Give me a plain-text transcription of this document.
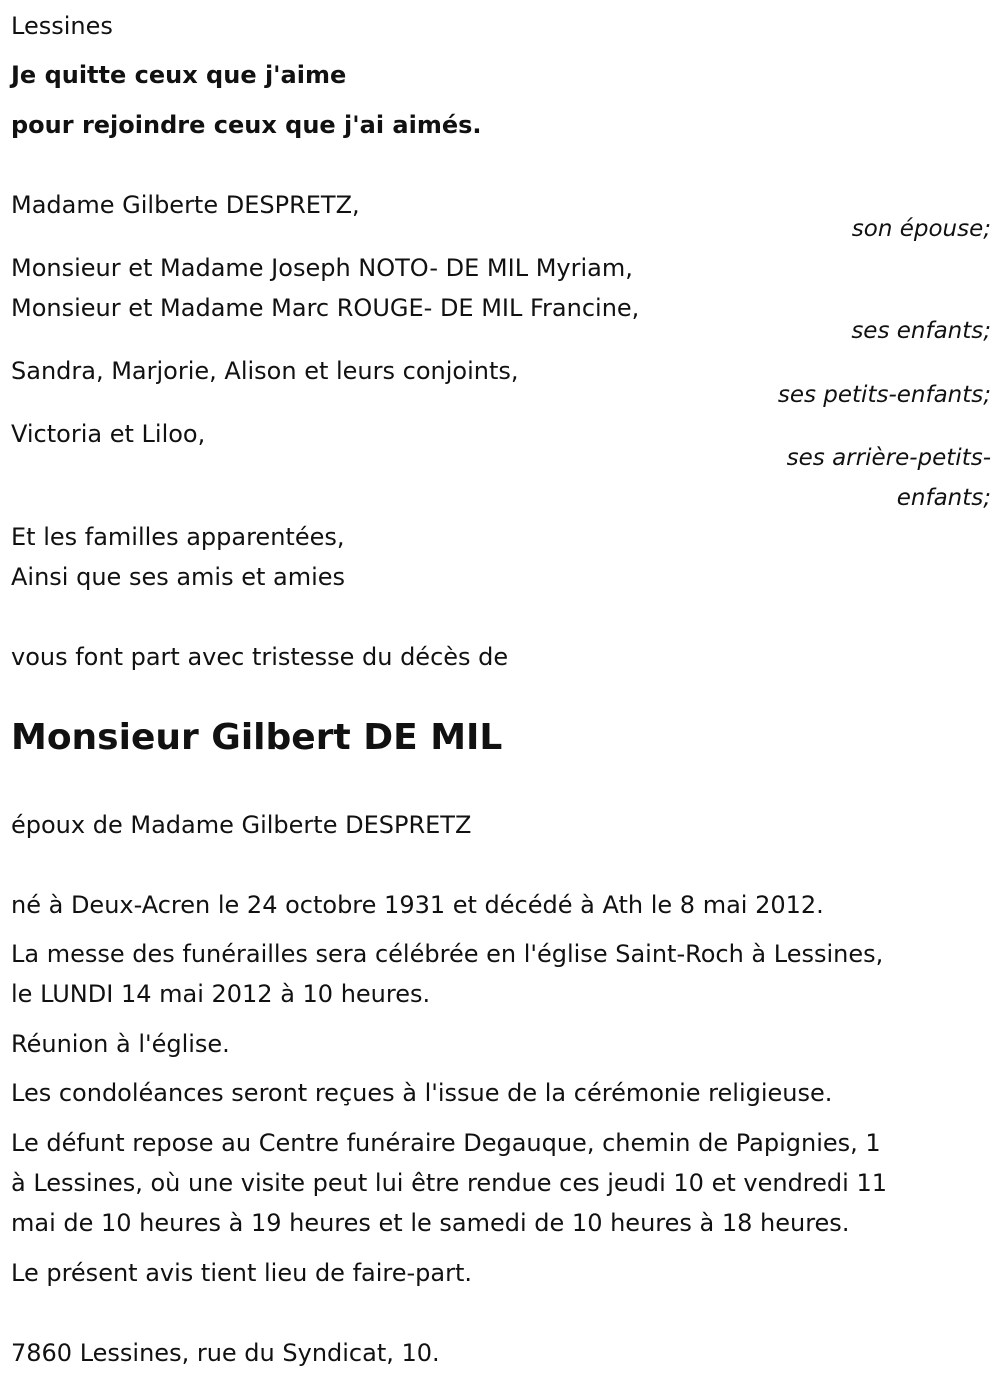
Lessines
Je quitte ceux que j'aime
pour rejoindre ceux que j'ai aimés.
Madame Gilberte DESPRETZ,
son épouse;
Monsieur et Madame Joseph NOTO- DE MIL Myriam,
Monsieur et Madame Marc ROUGE- DE MIL Francine,
ses enfants;
Sandra, Marjorie, Alison et leurs conjoints,
ses petits-enfants;
Victoria et Liloo,
ses arrière-petits-
enfants;
Et les familles apparentées,
Ainsi que ses amis et amies
vous font part avec tristesse du décès de
Monsieur Gilbert DE MIL
époux de Madame Gilberte DESPRETZ
né à Deux-Acren le 24 octobre 1931 et décédé à Ath le 8 mai 2012.
La messe des funérailles sera célébrée en l'église Saint-Roch à Lessines,
le LUNDI 14 mai 2012 à 10 heures.
Réunion à l'église.
Les condoléances seront reçues à l'issue de la cérémonie religieuse.
Le défunt repose au Centre funéraire Degauque, chemin de Papignies, 1
à Lessines, où une visite peut lui être rendue ces jeudi 10 et vendredi 11
mai de 10 heures à 19 heures et le samedi de 10 heures à 18 heures.
Le présent avis tient lieu de faire-part.
7860 Lessines, rue du Syndicat, 10.
